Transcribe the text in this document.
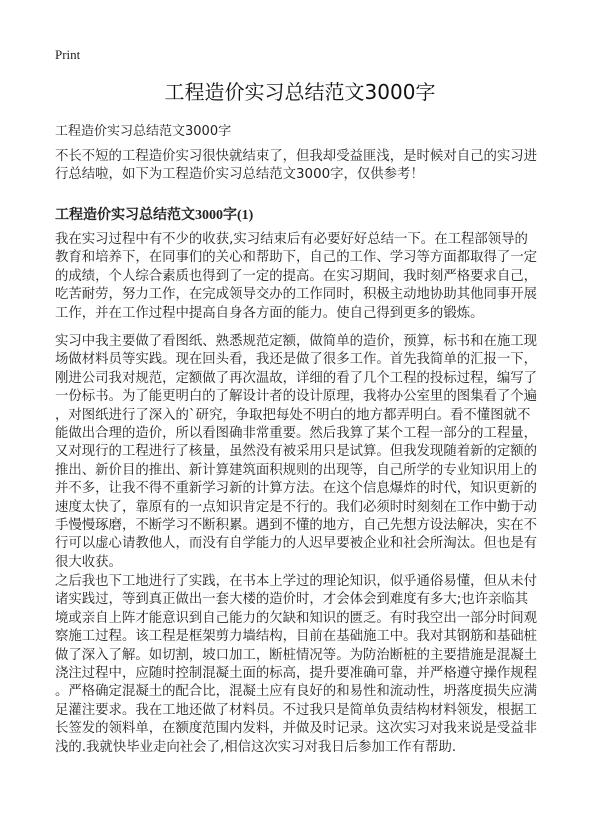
Print
工程造价实习总结范文3000字
工程造价实习总结范文3000字
不长不短的工程造价实习很快就结束了，但我却受益匪浅，是时候对自己的实习进
行总结啦，如下为工程造价实习总结范文3000字，仅供参考！
工程造价实习总结范文3000字(1)
我在实习过程中有不少的收获,实习结束后有必要好好总结一下。在工程部领导的
教育和培养下，在同事们的关心和帮助下，自己的工作、学习等方面都取得了一定
的成绩，个人综合素质也得到了一定的提高。在实习期间，我时刻严格要求自己，
吃苦耐劳，努力工作，在完成领导交办的工作同时，积极主动地协助其他同事开展
工作，并在工作过程中提高自身各方面的能力。使自己得到更多的锻炼。
实习中我主要做了看图纸、熟悉规范定额，做简单的造价，预算，标书和在施工现
场做材料员等实践。现在回头看，我还是做了很多工作。首先我简单的汇报一下，
刚进公司我对规范，定额做了再次温故，详细的看了几个工程的投标过程，编写了
一份标书。为了能更明白的了解设计者的设计原理，我将办公室里的图集看了个遍
，对图纸进行了深入的`研究，争取把每处不明白的地方都弄明白。看不懂图就不
能做出合理的造价，所以看图确非常重要。然后我算了某个工程一部分的工程量，
又对现行的工程进行了核量，虽然没有被采用只是试算。但我发现随着新的定额的
推出、新价目的推出、新计算建筑面积规则的出现等，自己所学的专业知识用上的
并不多，让我不得不重新学习新的计算方法。在这个信息爆炸的时代，知识更新的
速度太快了，靠原有的一点知识肯定是不行的。我们必须时时刻刻在工作中勤于动
手慢慢琢磨，不断学习不断积累。遇到不懂的地方，自己先想方设法解决，实在不
行可以虚心请教他人，而没有自学能力的人迟早要被企业和社会所淘汰。但也是有
很大收获。
之后我也下工地进行了实践，在书本上学过的理论知识，似乎通俗易懂，但从未付
诸实践过，等到真正做出一套大楼的造价时，才会体会到难度有多大;也许亲临其
境或亲自上阵才能意识到自己能力的欠缺和知识的匮乏。有时我空出一部分时间观
察施工过程。该工程是框架剪力墙结构，目前在基础施工中。我对其钢筋和基础桩
做了深入了解。如切割，坡口加工，断桩情况等。为防治断桩的主要措施是混凝土
浇注过程中，应随时控制混凝土面的标高，提升要准确可靠，并严格遵守操作规程
。严格确定混凝土的配合比，混凝土应有良好的和易性和流动性，坍落度损失应满
足灌注要求。我在工地还做了材料员。不过我只是简单负责结构材料领发，根据工
长签发的领料单，在额度范围内发料，并做及时记录。这次实习对我来说是受益非
浅的.我就快毕业走向社会了,相信这次实习对我日后参加工作有帮助.
